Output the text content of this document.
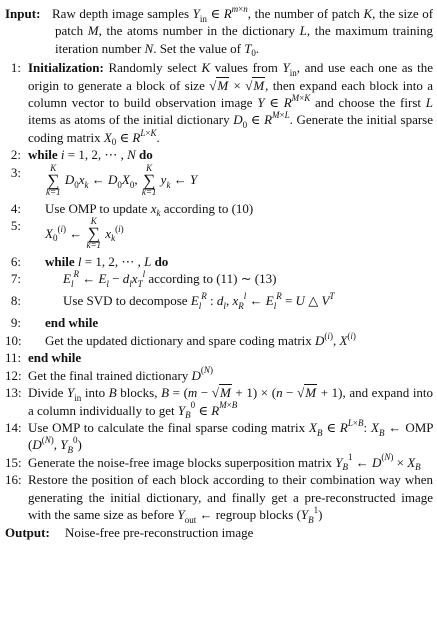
Input: Raw depth image samples $Y_{in}$ ∈ $R^{m\times n}$, the number of patch K, the size of patch M, the atoms number in the dictionary L, the maximum training iteration number N. Set the value of $T_0$.
1: Initialization: Randomly select K values from $Y_{in}$, and use each one as the origin to generate a block of size √M × √M, then expand each block into a column vector to build observation image Y ∈ $R^{M\times K}$ and choose the first L items as atoms of the initial dictionary $D_0$ ∈ $R^{M\times L}$. Generate the initial sparse coding matrix $X_0$ ∈ $R^{L\times K}$.
2: while i = 1, 2, ⋯ , N do
3:	K
∑
k=1
$D_0x_k$ ← $D_0X_0$,
K
∑
k=1
$y_k$ ← Y
4: Use OMP to update $x_k$ according to (10)
5:
$X_0^{(i)}$ ←
K
∑
k=1
$x_k^{(i)}$
6: while l = 1, 2, ⋯ , L do
7:	$E_l^R$ ← $E_l - d_lx_T^l$ according to (11) ∼ (13)
8:	Use SVD to decompose $E_l^R$ : $d_l$, $x_R^l$ ← $E_l^R = U$ △ $V^T$
9: end while
10: Get the updated dictionary and spare coding matrix $D^{(i)}$, $X^{(i)}$
11: end while
12: Get the final trained dictionary $D^{(N)}$
13: Divide $Y_{in}$ into B blocks, B = (m − √M + 1) × (n − √M + 1), and expand into a column individually to get $Y_B^0$ ∈ $R^{M\times B}$
14: Use OMP to calculate the final sparse coding matrix $X_B$ ∈ $R^{L\times B}$: $X_B$ ← OMP ($D^{(N)}$, $Y_B^0$)
15: Generate the noise-free image blocks superposition matrix $Y_B^1$ ← $D^{(N)} \times X_B$
16: Restore the position of each block according to their combination way when generating the initial dictionary, and finally get a pre-reconstructed image with the same size as before $Y_{out}$ ← regroup blocks $(Y_B^1)$
Output: Noise-free pre-reconstruction image
